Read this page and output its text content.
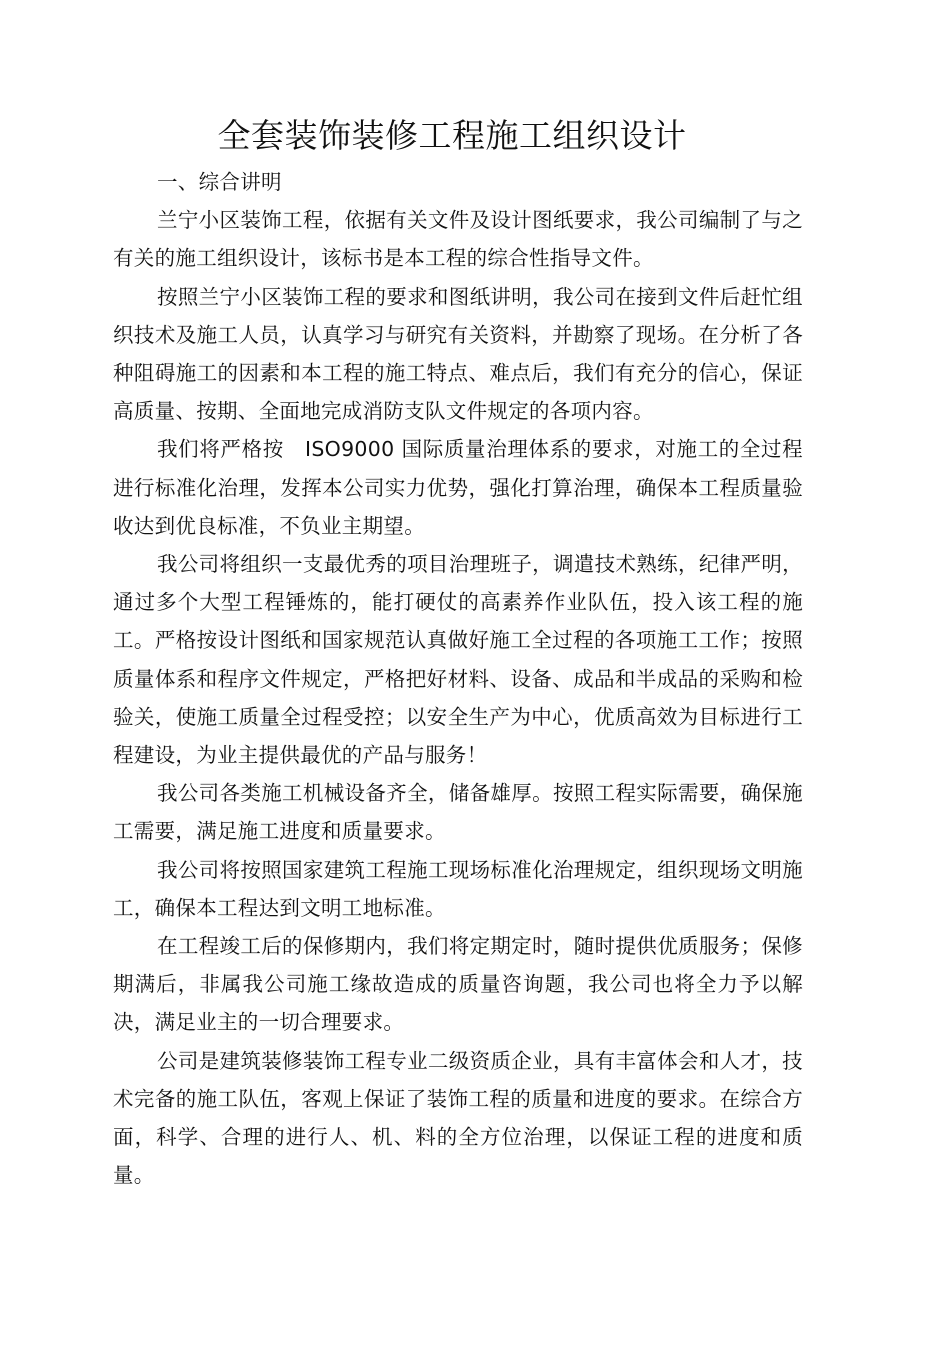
全套装饰装修工程施工组织设计
一、综合讲明

兰宁小区装饰工程，依据有关文件及设计图纸要求，我公司编制了与之有关的施工组织设计，该标书是本工程的综合性指导文件。

按照兰宁小区装饰工程的要求和图纸讲明，我公司在接到文件后赶忙组织技术及施工人员，认真学习与研究有关资料，并勘察了现场。在分析了各种阻碍施工的因素和本工程的施工特点、难点后，我们有充分的信心，保证高质量、按期、全面地完成消防支队文件规定的各项内容。

我们将严格按　ISO9000 国际质量治理体系的要求，对施工的全过程进行标准化治理，发挥本公司实力优势，强化打算治理，确保本工程质量验收达到优良标准，不负业主期望。

我公司将组织一支最优秀的项目治理班子，调遣技术熟练，纪律严明，通过多个大型工程锤炼的，能打硬仗的高素养作业队伍，投入该工程的施工。严格按设计图纸和国家规范认真做好施工全过程的各项施工工作；按照质量体系和程序文件规定，严格把好材料、设备、成品和半成品的采购和检验关，使施工质量全过程受控；以安全生产为中心，优质高效为目标进行工程建设，为业主提供最优的产品与服务！

我公司各类施工机械设备齐全，储备雄厚。按照工程实际需要，确保施工需要，满足施工进度和质量要求。

我公司将按照国家建筑工程施工现场标准化治理规定，组织现场文明施工，确保本工程达到文明工地标准。

在工程竣工后的保修期内，我们将定期定时，随时提供优质服务；保修期满后，非属我公司施工缘故造成的质量咨询题，我公司也将全力予以解决，满足业主的一切合理要求。

公司是建筑装修装饰工程专业二级资质企业，具有丰富体会和人才，技术完备的施工队伍，客观上保证了装饰工程的质量和进度的要求。在综合方面，科学、合理的进行人、机、料的全方位治理，以保证工程的进度和质量。
